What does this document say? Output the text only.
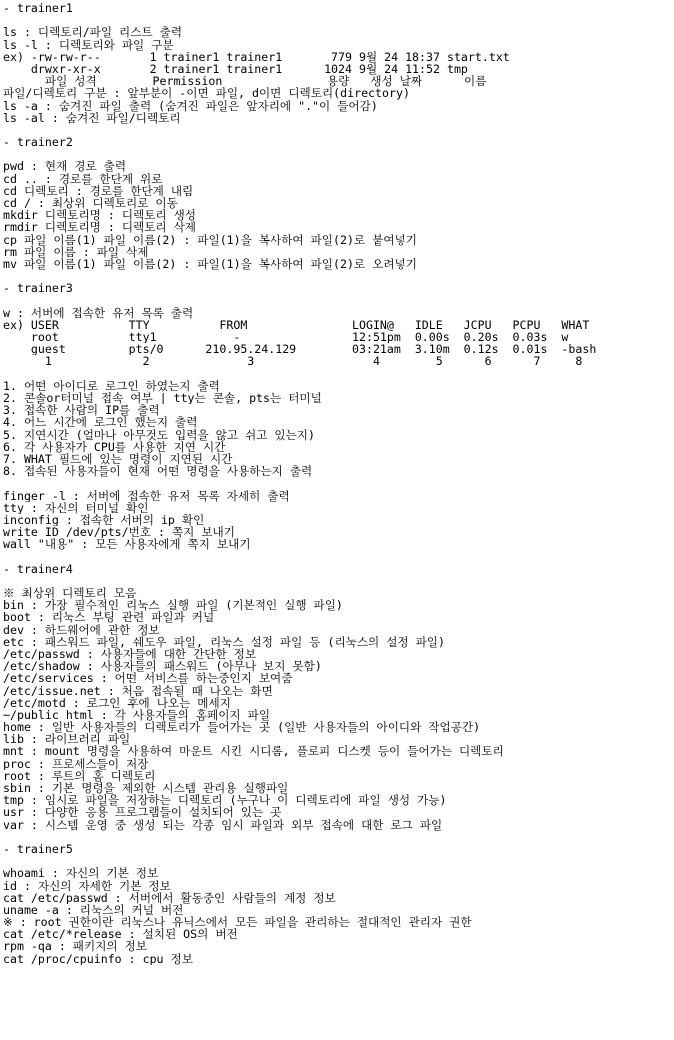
- trainer1
ls : 디렉토리/파일 리스트 출력
ls -l : 디렉토리와 파일 구분
ex) -rw-rw-r--       1 trainer1 trainer1       779 9월 24 18:37 start.txt
drwxr-xr-x       2 trainer1 trainer1      1024 9월 24 11:52 tmp
파일 성격        Permission               용량   생성 날짜      이름
파일/디렉토리 구분 : 앞부분이 -이면 파일, d이면 디렉토리(directory)
ls -a : 숨겨진 파일 출력 (숨겨진 파일은 앞자리에 "."이 들어감)
ls -al : 숨겨진 파일/디렉토리
- trainer2
pwd : 현재 경로 출력
cd .. : 경로를 한단계 위로
cd 디렉토리 : 경로를 한단계 내림
cd / : 최상위 디렉토리로 이동
mkdir 디렉토리명 : 디렉토리 생성
rmdir 디렉토리명 : 디렉토리 삭제
cp 파일 이름(1) 파일 이름(2) : 파일(1)을 복사하여 파일(2)로 붙여넣기
rm 파일 이름 : 파일 삭제
mv 파일 이름(1) 파일 이름(2) : 파일(1)을 복사하여 파일(2)로 오려넣기
- trainer3
w : 서버에 접속한 유저 목록 출력
ex) USER          TTY          FROM               LOGIN@   IDLE   JCPU   PCPU   WHAT
root          tty1           -                12:51pm  0.00s  0.20s  0.03s  w
guest         pts/0      210.95.24.129        03:21am  3.10m  0.12s  0.01s  -bash
1             2              3                 4        5      6      7     8
1. 어떤 아이디로 로그인 하였는지 출력
2. 콘솔or터미널 접속 여부 | tty는 콘솔, pts는 터미널
3. 접속한 사람의 IP를 출력
4. 어느 시간에 로그인 했는지 출력
5. 지연시간 (얼마나 아무것도 입력을 않고 쉬고 있는지)
6. 각 사용자가 CPU를 사용한 지연 시간
7. WHAT 필드에 있는 명령이 지연된 시간
8. 접속된 사용자들이 현재 어떤 명령을 사용하는지 출력
finger -l : 서버에 접속한 유저 목록 자세히 출력
tty : 자신의 터미널 확인
inconfig : 접속한 서버의 ip 확인
write ID /dev/pts/번호 : 쪽지 보내기
wall "내용" : 모든 사용자에게 쪽지 보내기
- trainer4
※ 최상위 디렉토리 모음
bin : 가장 필수적인 리눅스 실행 파일 (기본적인 실행 파일)
boot : 리눅스 부팅 관련 파일과 커널
dev : 하드웨어에 관한 정보
etc : 패스워드 파일, 쉐도우 파일, 리눅스 설정 파일 등 (리눅스의 설정 파일)
/etc/passwd : 사용자들에 대한 간단한 정보
/etc/shadow : 사용자들의 패스워드 (아무나 보지 못함)
/etc/services : 어떤 서비스를 하는중인지 보여줌
/etc/issue.net : 처음 접속될 때 나오는 화면
/etc/motd : 로그인 후에 나오는 메세지
~/public_html : 각 사용자들의 홈페이지 파일
home : 일반 사용자들의 디렉토리가 들어가는 곳 (일반 사용자들의 아이디와 작업공간)
lib : 라이브러리 파일
mnt : mount 명령을 사용하여 마운트 시킨 시디롬, 플로피 디스켓 등이 들어가는 디렉토리
proc : 프로세스들이 저장
root : 루트의 홈 디렉토리
sbin : 기본 명령을 제외한 시스템 관리용 실행파일
tmp : 임시로 파일을 저장하는 디렉토리 (누구나 이 디렉토리에 파일 생성 가능)
usr : 다양한 응용 프로그램들이 설치되어 있는 곳
var : 시스템 운영 중 생성 되는 각종 임시 파일과 외부 접속에 대한 로그 파일
- trainer5
whoami : 자신의 기본 정보
id : 자신의 자세한 기본 정보
cat /etc/passwd : 서버에서 활동중인 사람들의 계정 정보
uname -a : 리눅스의 커널 버전
※ : root 권한이란 리눅스나 유닉스에서 모든 파일을 관리하는 절대적인 관리자 권한
cat /etc/*release : 설치된 OS의 버전
rpm -qa : 패키지의 정보
cat /proc/cpuinfo : cpu 정보
